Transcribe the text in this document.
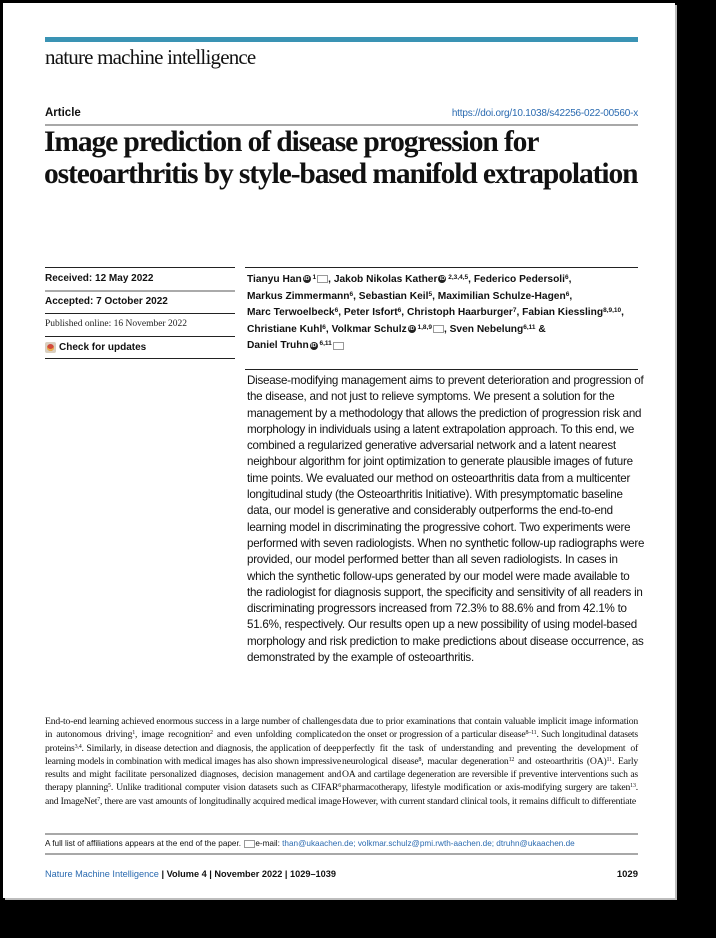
nature machine intelligence
Article	https://doi.org/10.1038/s42256-022-00560-x
Image prediction of disease progression for osteoarthritis by style-based manifold extrapolation
Received: 12 May 2022
Accepted: 7 October 2022
Published online: 16 November 2022
Check for updates
Tianyu Han iD $^1$ , Jakob Nikolas Kather iD $^{2,3,4,5}$, Federico Pedersoli$^6$,
Markus Zimmermann$^6$, Sebastian Keil$^5$, Maximilian Schulze-Hagen$^6$,
Marc Terwoelbeck$^6$, Peter Isfort$^6$, Christoph Haarburger$^7$, Fabian Kiessling$^{8,9,10}$,
Christiane Kuhl$^6$, Volkmar Schulz iD $^{1,8,9}$ , Sven Nebelung$^{6,11}$ &
Daniel Truhn iD $^{6,11}$
Disease-modifying management aims to prevent deterioration and progression of the disease, and not just to relieve symptoms. We present a solution for the management by a methodology that allows the prediction of progression risk and morphology in individuals using a latent extrapolation approach. To this end, we combined a regularized generative adversarial network and a latent nearest neighbour algorithm for joint optimization to generate plausible images of future time points. We evaluated our method on osteoarthritis data from a multicenter longitudinal study (the Osteoarthritis Initiative). With presymptomatic baseline data, our model is generative and considerably outperforms the end-to-end learning model in discriminating the progressive cohort. Two experiments were performed with seven radiologists. When no synthetic follow-up radiographs were provided, our model performed better than all seven radiologists. In cases in which the synthetic follow-ups generated by our model were made available to the radiologist for diagnosis support, the specificity and sensitivity of all readers in discriminating progressors increased from 72.3% to 88.6% and from 42.1% to 51.6%, respectively. Our results open up a new possibility of using model-based morphology and risk prediction to make predictions about disease occurrence, as demonstrated by the example of osteoarthritis.
End-to-end learning achieved enormous success in a large number of challenges in autonomous driving$^1$, image recognition$^2$ and even unfolding complicated proteins$^{3,4}$. Similarly, in disease detection and diagnosis, the application of deep learning models in combination with medical images has also shown impressive results and might facilitate personalized diagnoses, decision management and therapy planning$^5$. Unlike traditional computer vision datasets such as CIFAR$^6$ and ImageNet$^7$, there are vast amounts of longitudinally acquired medical image
data due to prior examinations that contain valuable implicit image information on the onset or progression of a particular disease$^{8-11}$. Such longitudinal datasets perfectly fit the task of understanding and preventing the development of neurological disease$^8$, macular degeneration$^{12}$ and osteoarthritis (OA)$^{11}$. Early OA and cartilage degeneration are reversible if preventive interventions such as pharmacotherapy, lifestyle modification or axis-modifying surgery are taken$^{13}$. However, with current standard clinical tools, it remains difficult to differentiate
A full list of affiliations appears at the end of the paper. e-mail: than@ukaachen.de; volkmar.schulz@pmi.rwth-aachen.de; dtruhn@ukaachen.de
Nature Machine Intelligence | Volume 4 | November 2022 | 1029–1039	1029
